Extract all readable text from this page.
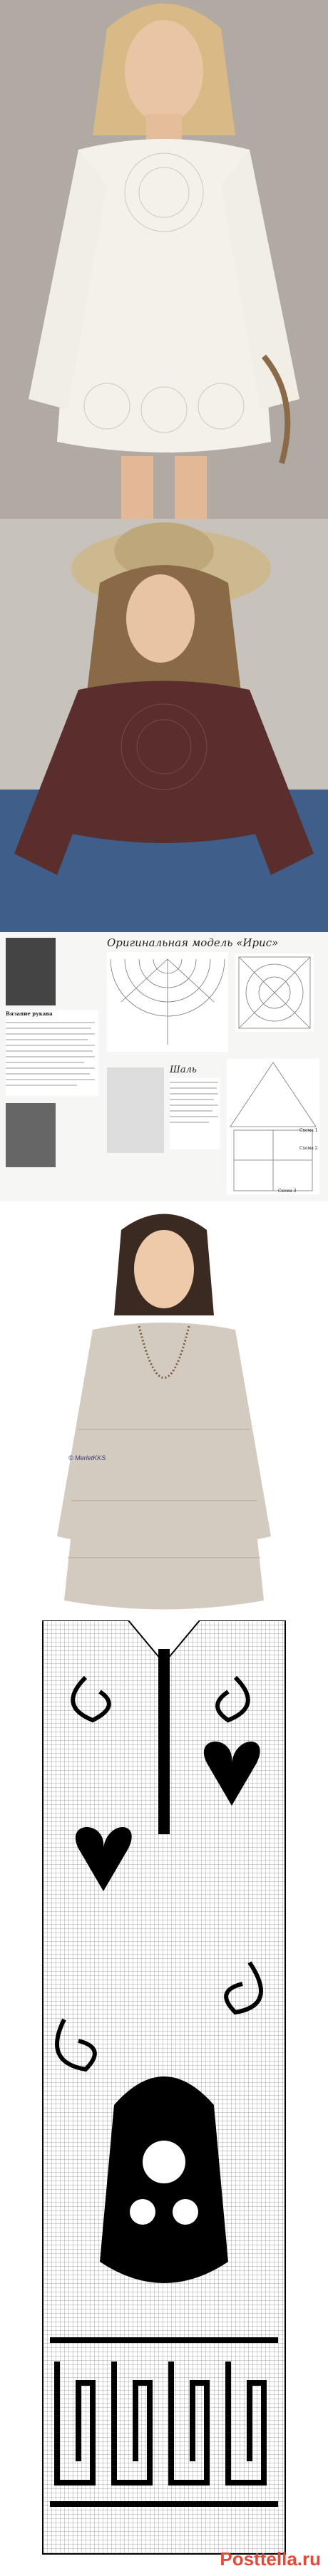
Оригинальная модель «Ирис»
Вязание рукава
Шаль
Схема 1
Схема 2
Схема 3
© MerletKKS
Posttella.ru
